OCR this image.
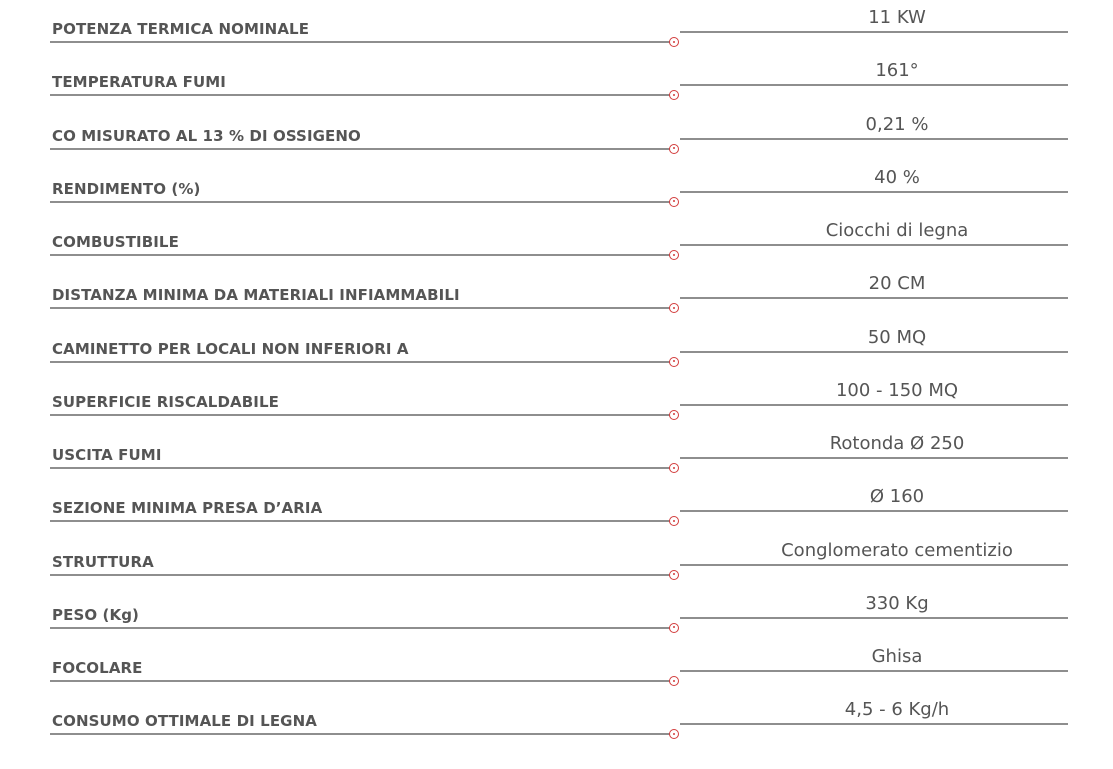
POTENZA TERMICA NOMINALE
11 KW
TEMPERATURA FUMI
161°
CO MISURATO AL 13 % DI OSSIGENO
0,21 %
RENDIMENTO (%)
40 %
COMBUSTIBILE
Ciocchi di legna
DISTANZA MINIMA DA MATERIALI INFIAMMABILI
20 CM
CAMINETTO PER LOCALI NON INFERIORI A
50 MQ
SUPERFICIE RISCALDABILE
100 - 150 MQ
USCITA FUMI
Rotonda Ø 250
SEZIONE MINIMA PRESA D’ARIA
Ø 160
STRUTTURA
Conglomerato cementizio
PESO (Kg)
330 Kg
FOCOLARE
Ghisa
CONSUMO OTTIMALE DI LEGNA
4,5 - 6 Kg/h
